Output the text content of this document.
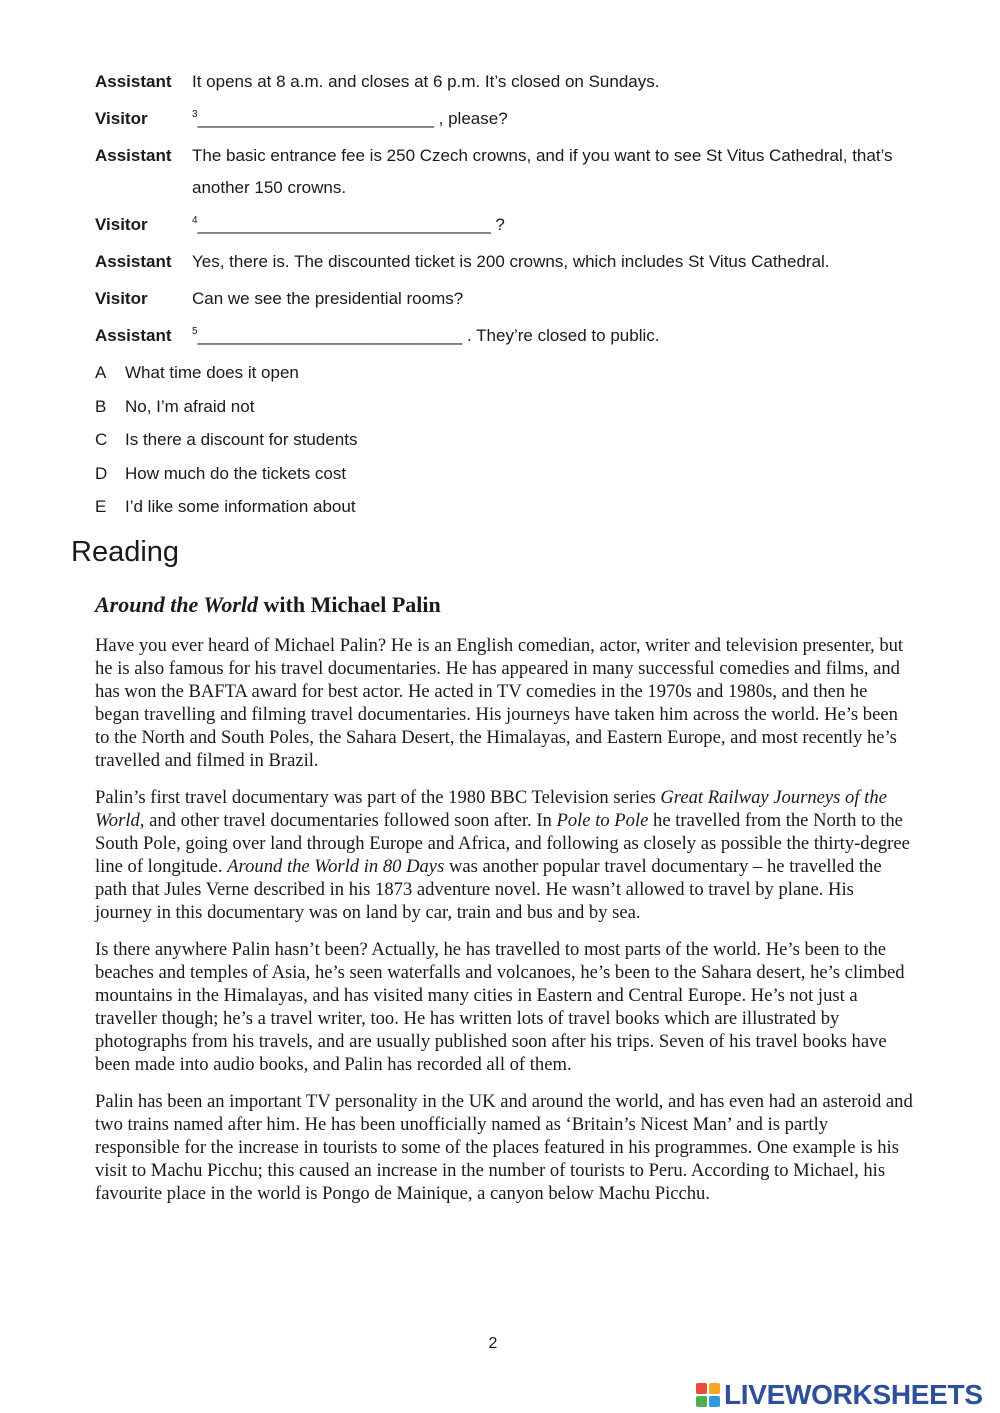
Assistant	It opens at 8 a.m. and closes at 6 p.m. It’s closed on Sundays.
Visitor	$^3$_________________________ , please?
Assistant	The basic entrance fee is 250 Czech crowns, and if you want to see St Vitus Cathedral, that’s another 150 crowns.
Visitor	$^4$_______________________________ ?
Assistant	Yes, there is. The discounted ticket is 200 crowns, which includes St Vitus Cathedral.
Visitor	Can we see the presidential rooms?
Assistant	$^5$____________________________ . They’re closed to public.
A	What time does it open
B	No, I’m afraid not
C	Is there a discount for students
D	How much do the tickets cost
E	I’d like some information about
Reading
Around the World with Michael Palin

Have you ever heard of Michael Palin? He is an English comedian, actor, writer and television presenter, but he is also famous for his travel documentaries. He has appeared in many successful comedies and films, and has won the BAFTA award for best actor. He acted in TV comedies in the 1970s and 1980s, and then he began travelling and filming travel documentaries. His journeys have taken him across the world. He’s been to the North and South Poles, the Sahara Desert, the Himalayas, and Eastern Europe, and most recently he’s travelled and filmed in Brazil.

Palin’s first travel documentary was part of the 1980 BBC Television series Great Railway Journeys of the World, and other travel documentaries followed soon after. In Pole to Pole he travelled from the North to the South Pole, going over land through Europe and Africa, and following as closely as possible the thirty-degree line of longitude. Around the World in 80 Days was another popular travel documentary – he travelled the path that Jules Verne described in his 1873 adventure novel. He wasn’t allowed to travel by plane. His journey in this documentary was on land by car, train and bus and by sea.

Is there anywhere Palin hasn’t been? Actually, he has travelled to most parts of the world. He’s been to the beaches and temples of Asia, he’s seen waterfalls and volcanoes, he’s been to the Sahara desert, he’s climbed mountains in the Himalayas, and has visited many cities in Eastern and Central Europe. He’s not just a traveller though; he’s a travel writer, too. He has written lots of travel books which are illustrated by photographs from his travels, and are usually published soon after his trips. Seven of his travel books have been made into audio books, and Palin has recorded all of them.

Palin has been an important TV personality in the UK and around the world, and has even had an asteroid and two trains named after him. He has been unofficially named as ‘Britain’s Nicest Man’ and is partly responsible for the increase in tourists to some of the places featured in his programmes. One example is his visit to Machu Picchu; this caused an increase in the number of tourists to Peru. According to Michael, his favourite place in the world is Pongo de Mainique, a canyon below Machu Picchu.

2
LIVEWORKSHEETS
